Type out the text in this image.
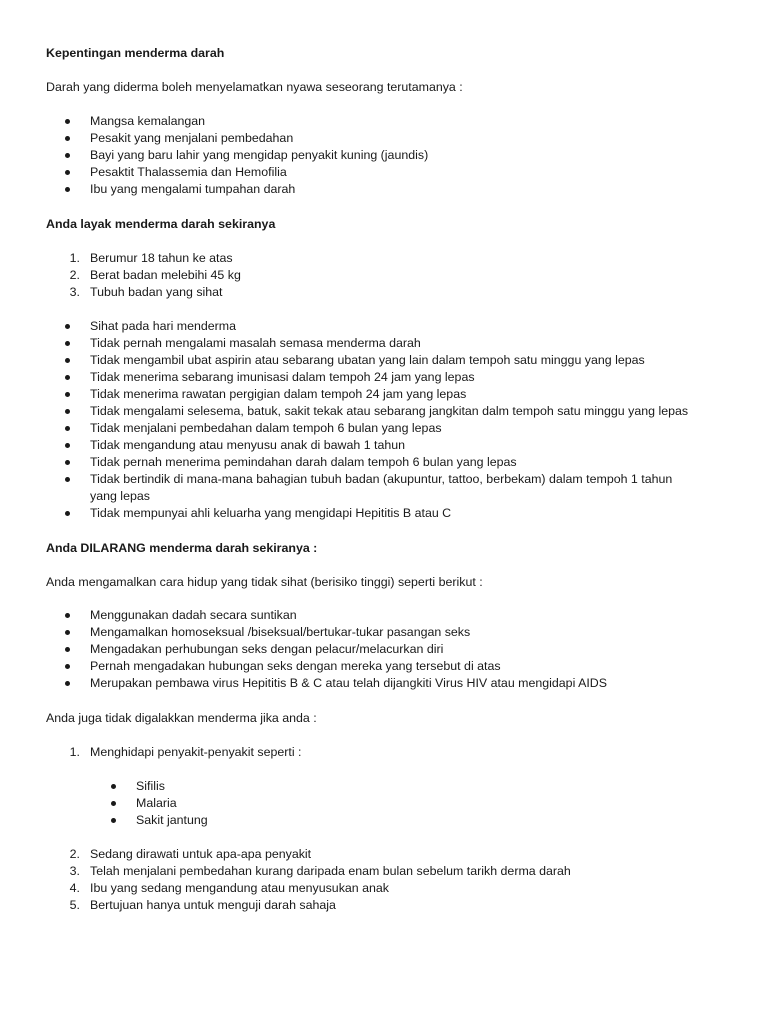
Kepentingan menderma darah
Darah yang diderma boleh menyelamatkan nyawa seseorang terutamanya :
Mangsa kemalangan
Pesakit yang menjalani pembedahan
Bayi yang baru lahir yang mengidap penyakit kuning (jaundis)
Pesaktit Thalassemia dan Hemofilia
Ibu yang mengalami tumpahan darah
Anda layak menderma darah sekiranya
1. Berumur 18 tahun ke atas
2. Berat badan melebihi 45 kg
3. Tubuh badan yang sihat
Sihat pada hari menderma
Tidak pernah mengalami masalah semasa menderma darah
Tidak mengambil ubat aspirin atau sebarang ubatan yang lain dalam tempoh satu minggu yang lepas
Tidak menerima sebarang imunisasi dalam tempoh 24 jam yang lepas
Tidak menerima rawatan pergigian dalam tempoh 24 jam yang lepas
Tidak mengalami selesema, batuk, sakit tekak atau sebarang jangkitan dalm tempoh satu minggu yang lepas
Tidak menjalani pembedahan dalam tempoh 6 bulan yang lepas
Tidak mengandung atau menyusu anak di bawah 1 tahun
Tidak pernah menerima pemindahan darah dalam tempoh 6 bulan yang lepas
Tidak bertindik di mana-mana bahagian tubuh badan (akupuntur, tattoo, berbekam) dalam tempoh 1 tahun
yang lepas
Tidak mempunyai ahli keluarha yang mengidapi Hepititis B atau C
Anda DILARANG menderma darah sekiranya :
Anda mengamalkan cara hidup yang tidak sihat (berisiko tinggi) seperti berikut :
Menggunakan dadah secara suntikan
Mengamalkan homoseksual /biseksual/bertukar-tukar pasangan seks
Mengadakan perhubungan seks dengan pelacur/melacurkan diri
Pernah mengadakan hubungan seks dengan mereka yang tersebut di atas
Merupakan pembawa virus Hepititis B & C atau telah dijangkiti Virus HIV atau mengidapi AIDS
Anda juga tidak digalakkan menderma jika anda :
1. Menghidapi penyakit-penyakit seperti :
Sifilis
Malaria
Sakit jantung
2. Sedang dirawati untuk apa-apa penyakit
3. Telah menjalani pembedahan kurang daripada enam bulan sebelum tarikh derma darah
4. Ibu yang sedang mengandung atau menyusukan anak
5. Bertujuan hanya untuk menguji darah sahaja
